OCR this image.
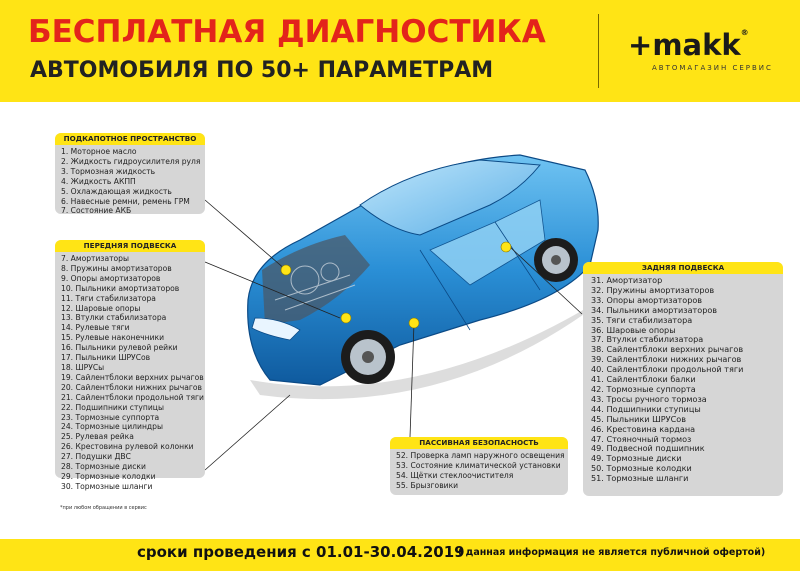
БЕСПЛАТНАЯ ДИАГНОСТИКА
АВТОМОБИЛЯ ПО 50+ ПАРАМЕТРАМ
+makk®
АВТОМАГАЗИН СЕРВИС
ПОДКАПОТНОЕ ПРОСТРАНСТВО
1. Моторное масло
2. Жидкость гидроусилителя руля
3. Тормозная жидкость
4. Жидкость АКПП
5. Охлаждающая жидкость
6. Навесные ремни, ремень ГРМ
7. Состояние АКБ
ПЕРЕДНЯЯ ПОДВЕСКА
7. Амортизаторы
8. Пружины амортизаторов
9. Опоры амортизаторов
10. Пыльники амортизаторов
11. Тяги стабилизатора
12. Шаровые опоры
13. Втулки стабилизатора
14. Рулевые тяги
15. Рулевые наконечники
16. Пыльники рулевой рейки
17. Пыльники ШРУСов
18. ШРУСы
19. Сайлентблоки верхних рычагов
20. Сайлентблоки нижних рычагов
21. Сайлентблоки продольной тяги
22. Подшипники ступицы
23. Тормозные суппорта
24. Тормозные цилиндры
25. Рулевая рейка
26. Крестовина рулевой колонки
27. Подушки ДВС
28. Тормозные диски
29. Тормозные колодки
30. Тормозные шланги
ЗАДНЯЯ ПОДВЕСКА
31. Амортизатор
32. Пружины амортизаторов
33. Опоры амортизаторов
34. Пыльники амортизаторов
35. Тяги стабилизатора
36. Шаровые опоры
37. Втулки стабилизатора
38. Сайлентблоки верхних рычагов
39. Сайлентблоки нижних рычагов
40. Сайлентблоки продольной тяги
41. Сайлентблоки балки
42. Тормозные суппорта
43. Тросы ручного тормоза
44. Подшипники ступицы
45. Пыльники ШРУСов
46. Крестовина кардана
47. Стояночный тормоз
49. Подвесной подшипник
49. Тормозные диски
50. Тормозные колодки
51. Тормозные шланги
ПАССИВНАЯ БЕЗОПАСНОСТЬ
52. Проверка ламп наружного освещения
53. Состояние климатической установки
54. Щётки стеклоочистителя
55. Брызговики
*при любом обращении в сервис
сроки проведения с 01.01-30.04.2019
( данная информация не является публичной офертой)
